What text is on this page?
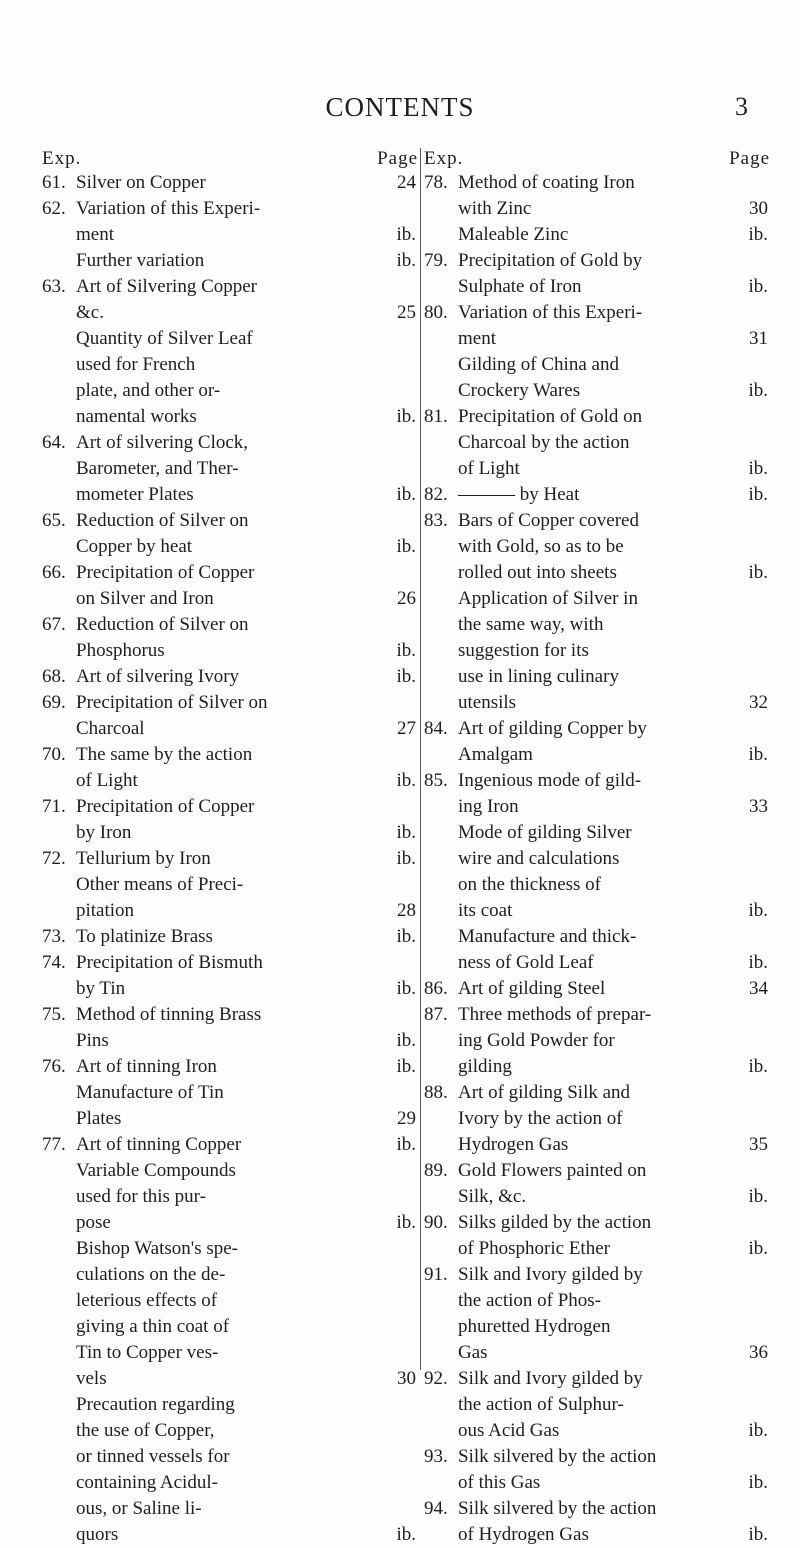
CONTENTS	3
Exp.	Page
61. Silver on Copper	24
62. Variation of this Experi-
ment	ib.
Further variation	ib.
63. Art of Silvering Copper
&c.	25
Quantity of Silver Leaf
used for French
plate, and other or-
namental works	ib.
64. Art of silvering Clock,
Barometer, and Ther-
mometer Plates	ib.
65. Reduction of Silver on
Copper by heat	ib.
66. Precipitation of Copper
on Silver and Iron	26
67. Reduction of Silver on
Phosphorus	ib.
68. Art of silvering Ivory	ib.
69. Precipitation of Silver on
Charcoal	27
70. The same by the action
of Light	ib.
71. Precipitation of Copper
by Iron	ib.
72. Tellurium by Iron	ib.
Other means of Preci-
pitation	28
73. To platinize Brass	ib.
74. Precipitation of Bismuth
by Tin	ib.
75. Method of tinning Brass
Pins	ib.
76. Art of tinning Iron	ib.
Manufacture of Tin
Plates	29
77. Art of tinning Copper	ib.
Variable Compounds
used for this pur-
pose	ib.
Bishop Watson's spe-
culations on the de-
leterious effects of
giving a thin coat of
Tin to Copper ves-
vels	30
Precaution regarding
the use of Copper,
or tinned vessels for
containing Acidul-
ous, or Saline li-
quors	ib.
Exp.	Page
78. Method of coating Iron
with Zinc	30
Maleable Zinc	ib.
79. Precipitation of Gold by
Sulphate of Iron	ib.
80. Variation of this Experi-
ment	31
Gilding of China and
Crockery Wares	ib.
81. Precipitation of Gold on
Charcoal by the action
of Light	ib.
82. ——— by Heat	ib.
83. Bars of Copper covered
with Gold, so as to be
rolled out into sheets	ib.
Application of Silver in
the same way, with
suggestion for its
use in lining culinary
utensils	32
84. Art of gilding Copper by
Amalgam	ib.
85. Ingenious mode of gild-
ing Iron	33
Mode of gilding Silver
wire and calculations
on the thickness of
its coat	ib.
Manufacture and thick-
ness of Gold Leaf	ib.
86. Art of gilding Steel	34
87. Three methods of prepar-
ing Gold Powder for
gilding	ib.
88. Art of gilding Silk and
Ivory by the action of
Hydrogen Gas	35
89. Gold Flowers painted on
Silk, &c.	ib.
90. Silks gilded by the action
of Phosphoric Ether	ib.
91. Silk and Ivory gilded by
the action of Phos-
phuretted Hydrogen
Gas	36
92. Silk and Ivory gilded by
the action of Sulphur-
ous Acid Gas	ib.
93. Silk silvered by the action
of this Gas	ib.
94. Silk silvered by the action
of Hydrogen Gas	ib.
